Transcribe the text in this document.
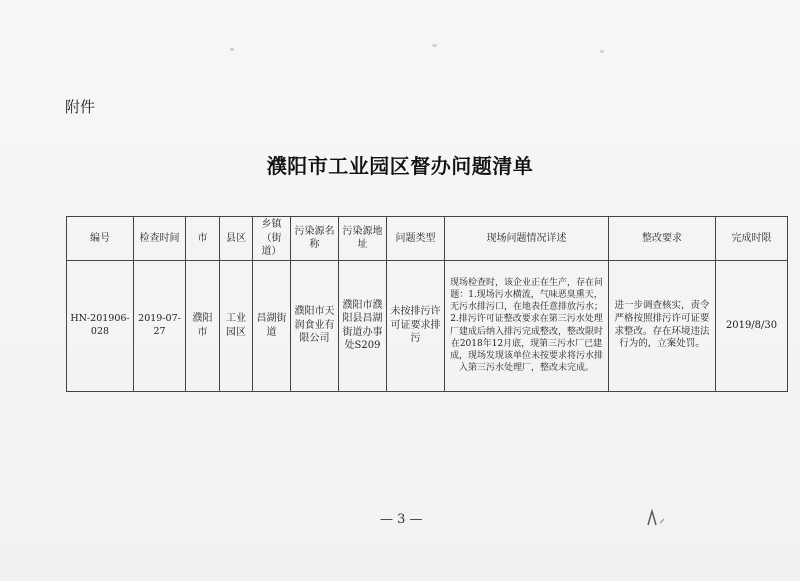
附件
濮阳市工业园区督办问题清单
编号	检查时间	市	县区	乡镇（街道）	污染源名称	污染源地址	问题类型	现场问题情况详述	整改要求	完成时限
HN-201906-028	2019-07-27	濮阳市	工业园区	昌湖街道	濮阳市天润食业有限公司	濮阳市濮阳县昌湖街道办事处S209	未按排污许可证要求排污	现场检查时，该企业正在生产，存在问题：1.现场污水横流，气味恶臭熏天，无污水排污口，在地表任意排放污水；2.排污许可证整改要求在第三污水处理厂建成后纳入排污完成整改，整改限时在2018年12月底，现第三污水厂已建成，现场发现该单位未按要求将污水排入第三污水处理厂，整改未完成。	进一步调查核实，责令严格按照排污许可证要求整改。存在环境违法行为的，立案处罚。	2019/8/30
— 3 —
